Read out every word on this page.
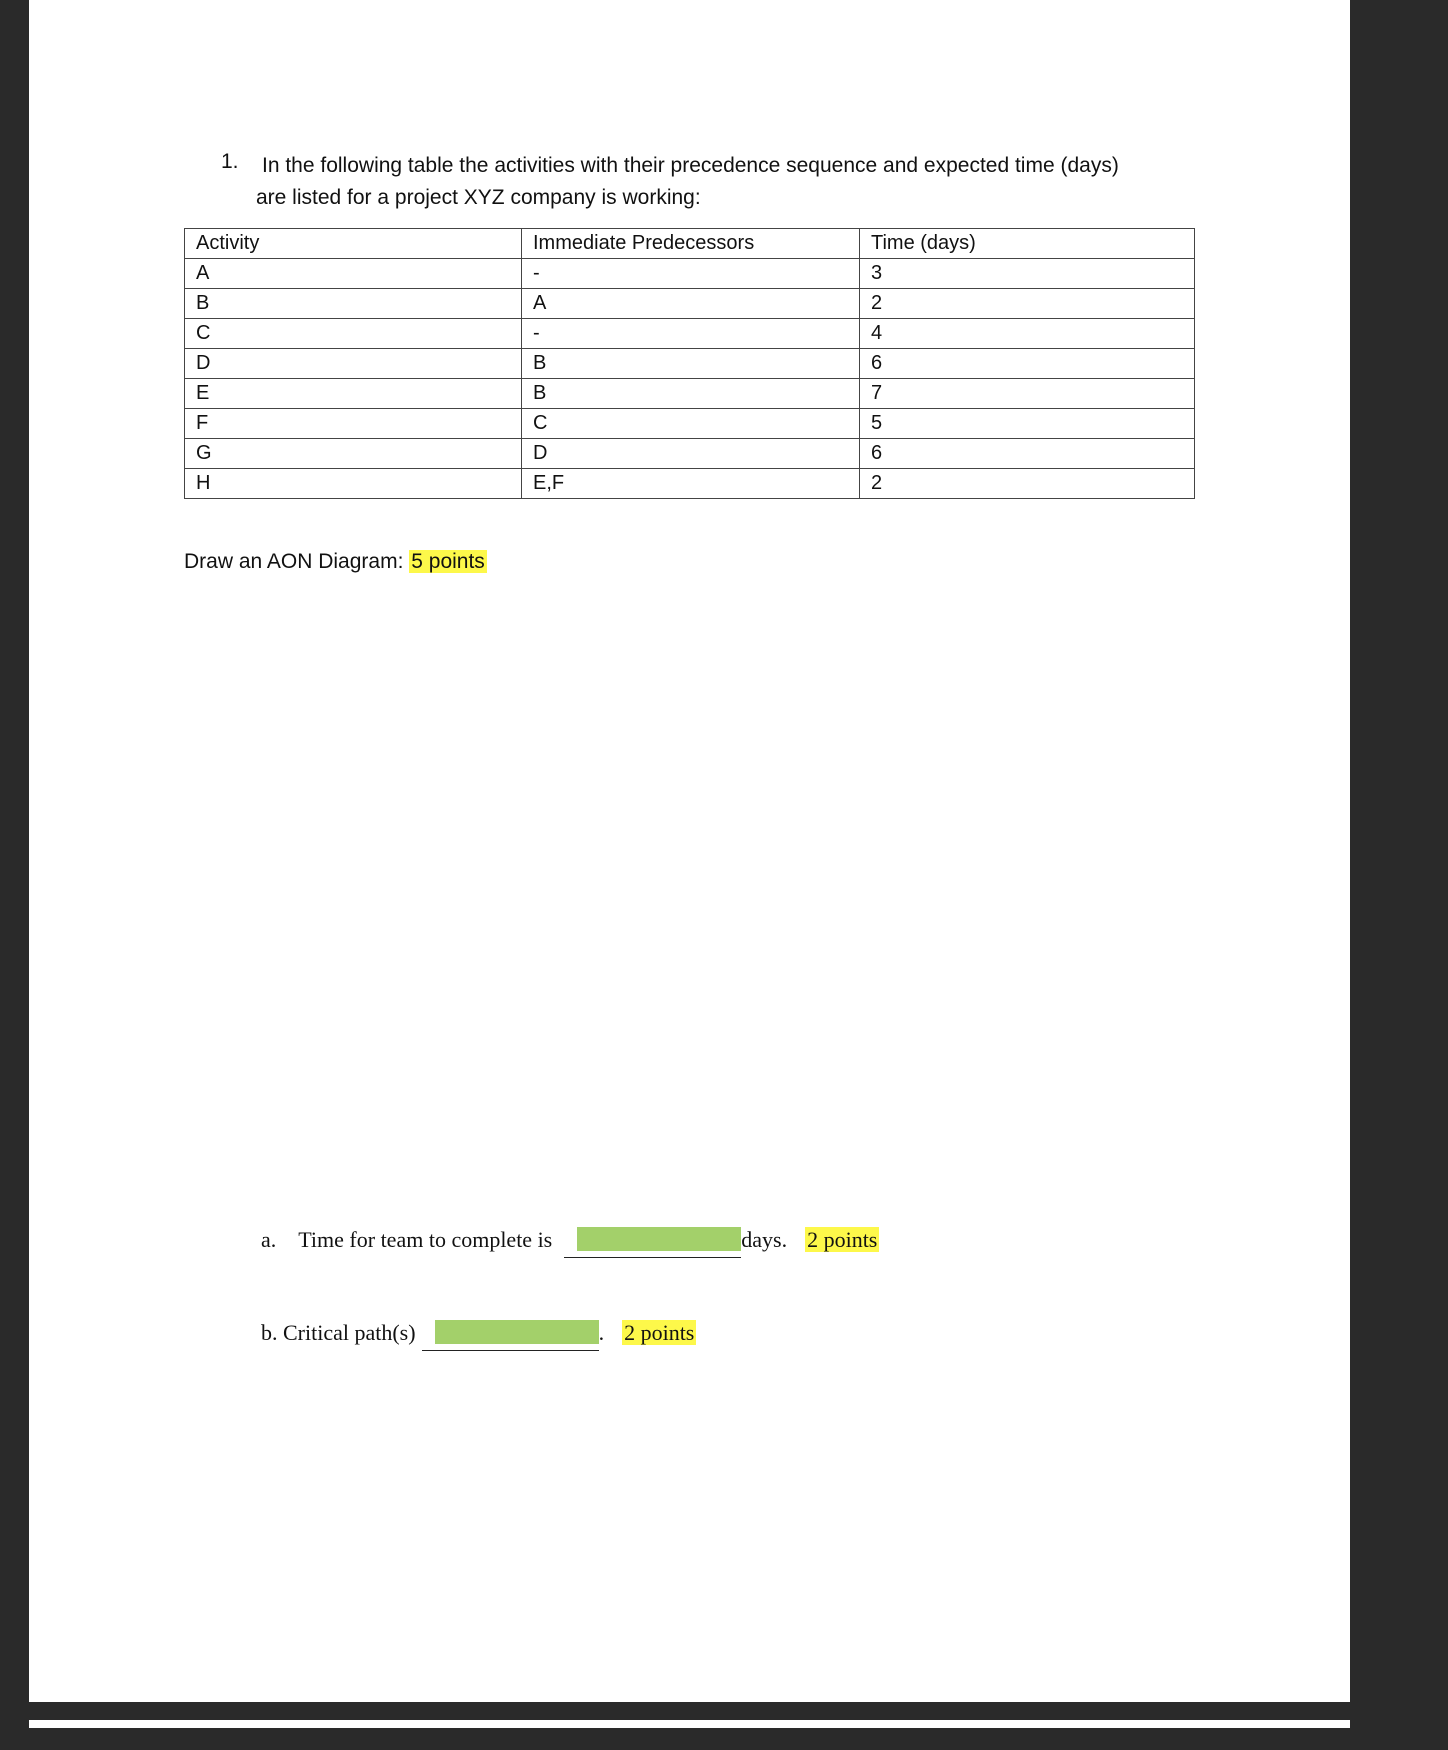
1. In the following table the activities with their precedence sequence and expected time (days)
are listed for a project XYZ company is working:
Activity	Immediate Predecessors	Time (days)
A	-	3
B	A	2
C	-	4
D	B	6
E	B	7
F	C	5
G	D	6
H	E,F	2
Draw an AON Diagram: 5 points
a. Time for team to complete is	days. 2 points
b. Critical path(s)	. 2 points
